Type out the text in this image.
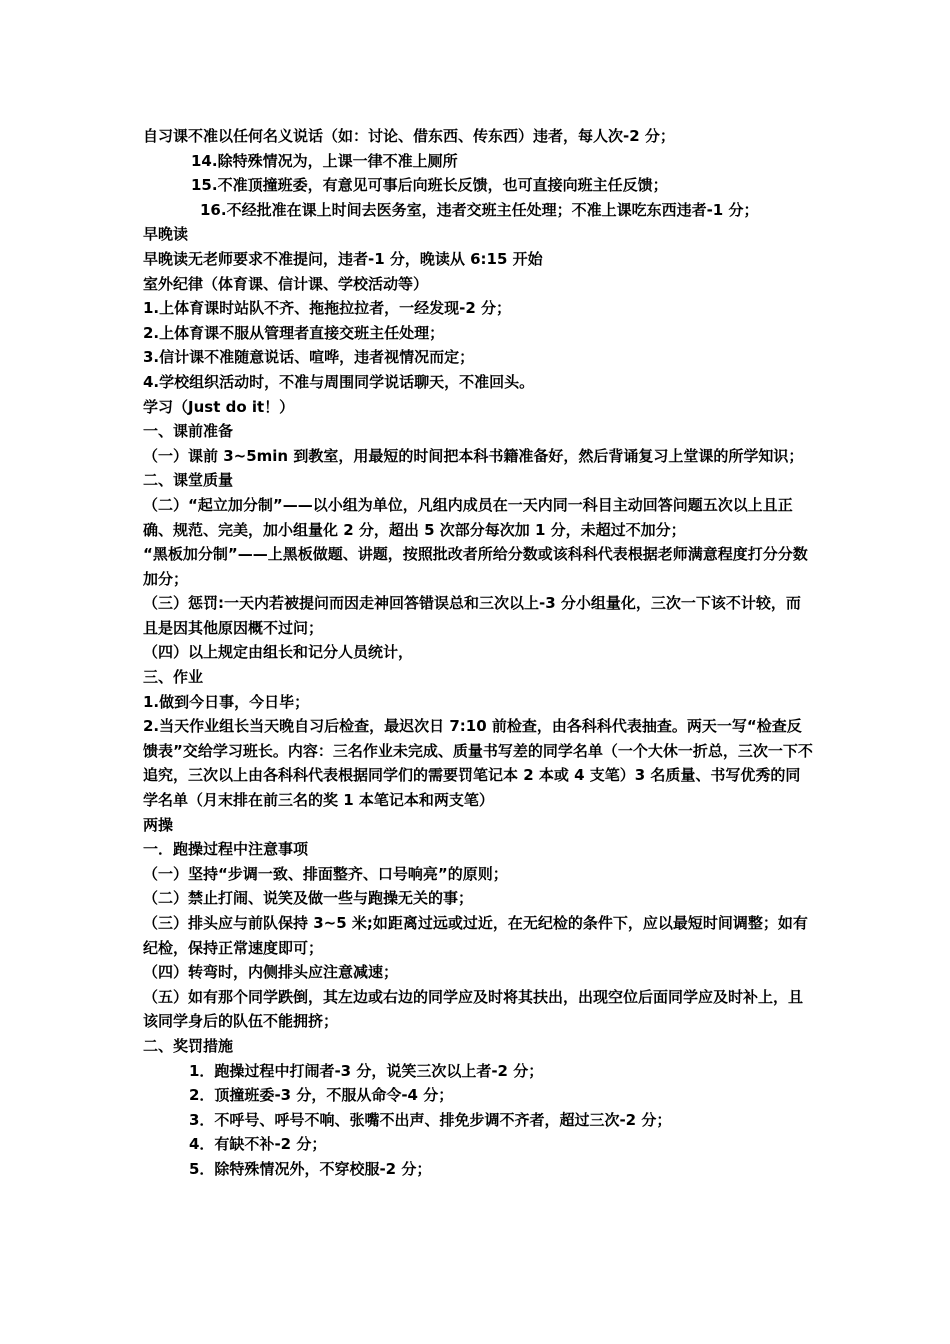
自习课不准以任何名义说话（如：讨论、借东西、传东西）违者，每人次-2 分；
14.除特殊情况为，上课一律不准上厕所
15.不准顶撞班委，有意见可事后向班长反馈，也可直接向班主任反馈；
16.不经批准在课上时间去医务室，违者交班主任处理；不准上课吃东西违者-1 分；
早晚读
早晚读无老师要求不准提问，违者-1 分，晚读从 6:15 开始
室外纪律（体育课、信计课、学校活动等）
1.上体育课时站队不齐、拖拖拉拉者，一经发现-2 分；
2.上体育课不服从管理者直接交班主任处理；
3.信计课不准随意说话、喧哗，违者视情况而定；
4.学校组织活动时，不准与周围同学说话聊天，不准回头。
学习（Just do it！）
一、课前准备
（一）课前 3~5min 到教室，用最短的时间把本科书籍准备好，然后背诵复习上堂课的所学知识；
二、课堂质量
（二）“起立加分制”——以小组为单位，凡组内成员在一天内同一科目主动回答问题五次以上且正确、规范、完美，加小组量化 2 分，超出 5 次部分每次加 1 分，未超过不加分；
“黑板加分制”——上黑板做题、讲题，按照批改者所给分数或该科科代表根据老师满意程度打分分数加分；
（三）惩罚:一天内若被提问而因走神回答错误总和三次以上-3 分小组量化，三次一下该不计较，而且是因其他原因概不过问；
（四）以上规定由组长和记分人员统计，
三、作业
1.做到今日事，今日毕；
2.当天作业组长当天晚自习后检查，最迟次日 7:10 前检查，由各科科代表抽查。两天一写“检查反馈表”交给学习班长。内容：三名作业未完成、质量书写差的同学名单（一个大休一折总，三次一下不追究，三次以上由各科科代表根据同学们的需要罚笔记本 2 本或 4 支笔）3 名质量、书写优秀的同学名单（月末排在前三名的奖 1 本笔记本和两支笔）
两操
一．跑操过程中注意事项
（一）坚持“步调一致、排面整齐、口号响亮”的原则；
（二）禁止打闹、说笑及做一些与跑操无关的事；
（三）排头应与前队保持 3~5 米;如距离过远或过近，在无纪检的条件下，应以最短时间调整；如有纪检，保持正常速度即可；
（四）转弯时，内侧排头应注意减速；
（五）如有那个同学跌倒，其左边或右边的同学应及时将其扶出，出现空位后面同学应及时补上，且该同学身后的队伍不能拥挤；
二、奖罚措施
1．跑操过程中打闹者-3 分，说笑三次以上者-2 分；
2．顶撞班委-3 分，不服从命令-4 分；
3．不呼号、呼号不响、张嘴不出声、排免步调不齐者，超过三次-2 分；
4．有缺不补-2 分；
5．除特殊情况外，不穿校服-2 分；
